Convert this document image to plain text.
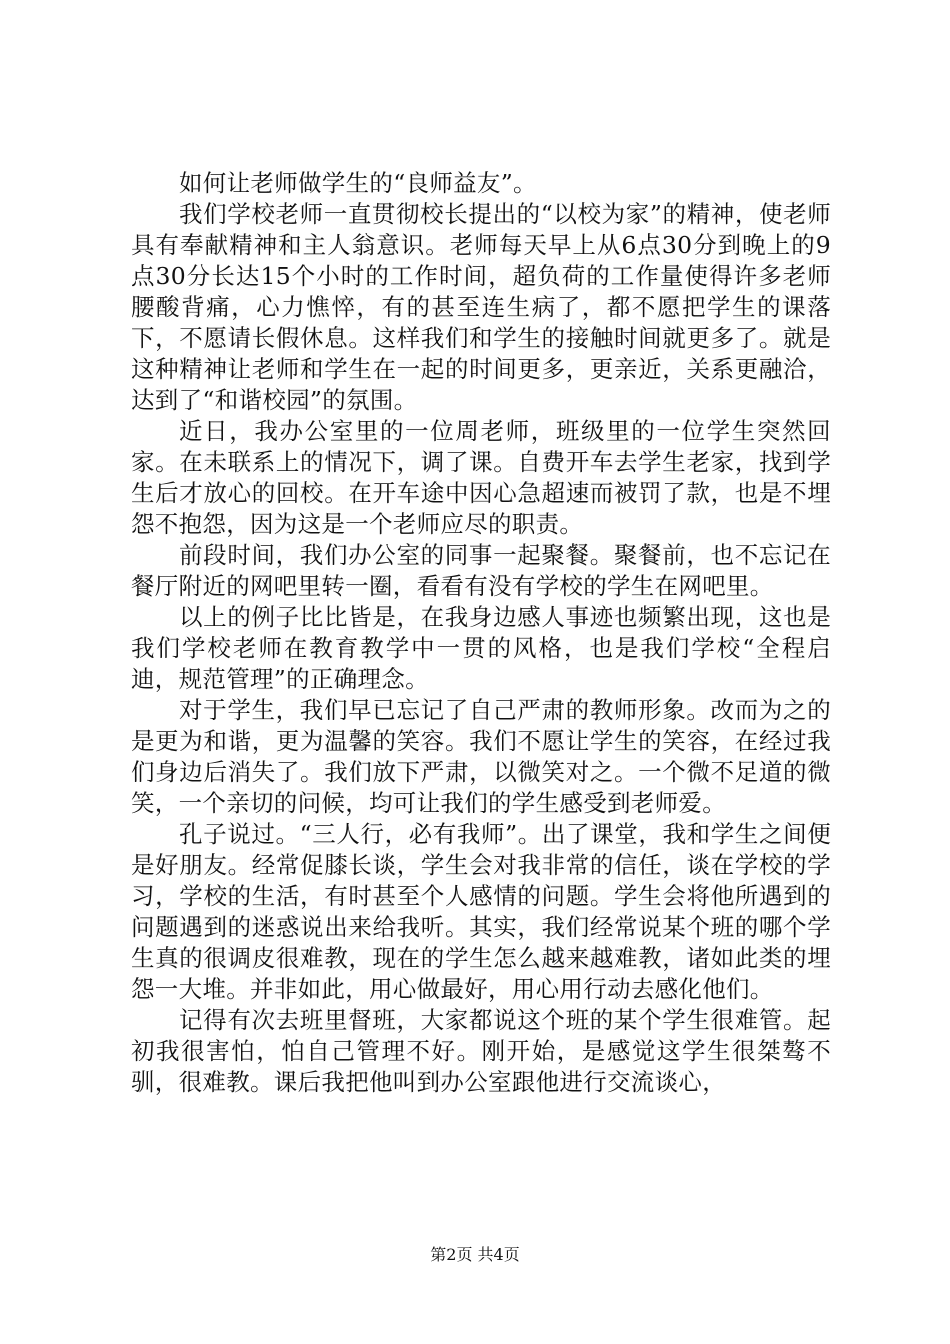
如何让老师做学生的“良师益友”。

我们学校老师一直贯彻校长提出的“以校为家”的精神，使老师具有奉献精神和主人翁意识。老师每天早上从6点30分到晚上的9点30分长达15个小时的工作时间，超负荷的工作量使得许多老师腰酸背痛，心力憔悴，有的甚至连生病了，都不愿把学生的课落下，不愿请长假休息。这样我们和学生的接触时间就更多了。就是这种精神让老师和学生在一起的时间更多，更亲近，关系更融洽，达到了“和谐校园”的氛围。

近日，我办公室里的一位周老师，班级里的一位学生突然回家。在未联系上的情况下，调了课。自费开车去学生老家，找到学生后才放心的回校。在开车途中因心急超速而被罚了款，也是不埋怨不抱怨，因为这是一个老师应尽的职责。

前段时间，我们办公室的同事一起聚餐。聚餐前，也不忘记在餐厅附近的网吧里转一圈，看看有没有学校的学生在网吧里。

以上的例子比比皆是，在我身边感人事迹也频繁出现，这也是我们学校老师在教育教学中一贯的风格，也是我们学校“全程启迪，规范管理”的正确理念。

对于学生，我们早已忘记了自己严肃的教师形象。改而为之的是更为和谐，更为温馨的笑容。我们不愿让学生的笑容，在经过我们身边后消失了。我们放下严肃，以微笑对之。一个微不足道的微笑，一个亲切的问候，均可让我们的学生感受到老师爱。

孔子说过。“三人行，必有我师”。出了课堂，我和学生之间便是好朋友。经常促膝长谈，学生会对我非常的信任，谈在学校的学习，学校的生活，有时甚至个人感情的问题。学生会将他所遇到的问题遇到的迷惑说出来给我听。其实，我们经常说某个班的哪个学生真的很调皮很难教，现在的学生怎么越来越难教，诸如此类的埋怨一大堆。并非如此，用心做最好，用心用行动去感化他们。

记得有次去班里督班，大家都说这个班的某个学生很难管。起初我很害怕，怕自己管理不好。刚开始，是感觉这学生很桀骜不驯，很难教。课后我把他叫到办公室跟他进行交流谈心，

第2页 共4页
